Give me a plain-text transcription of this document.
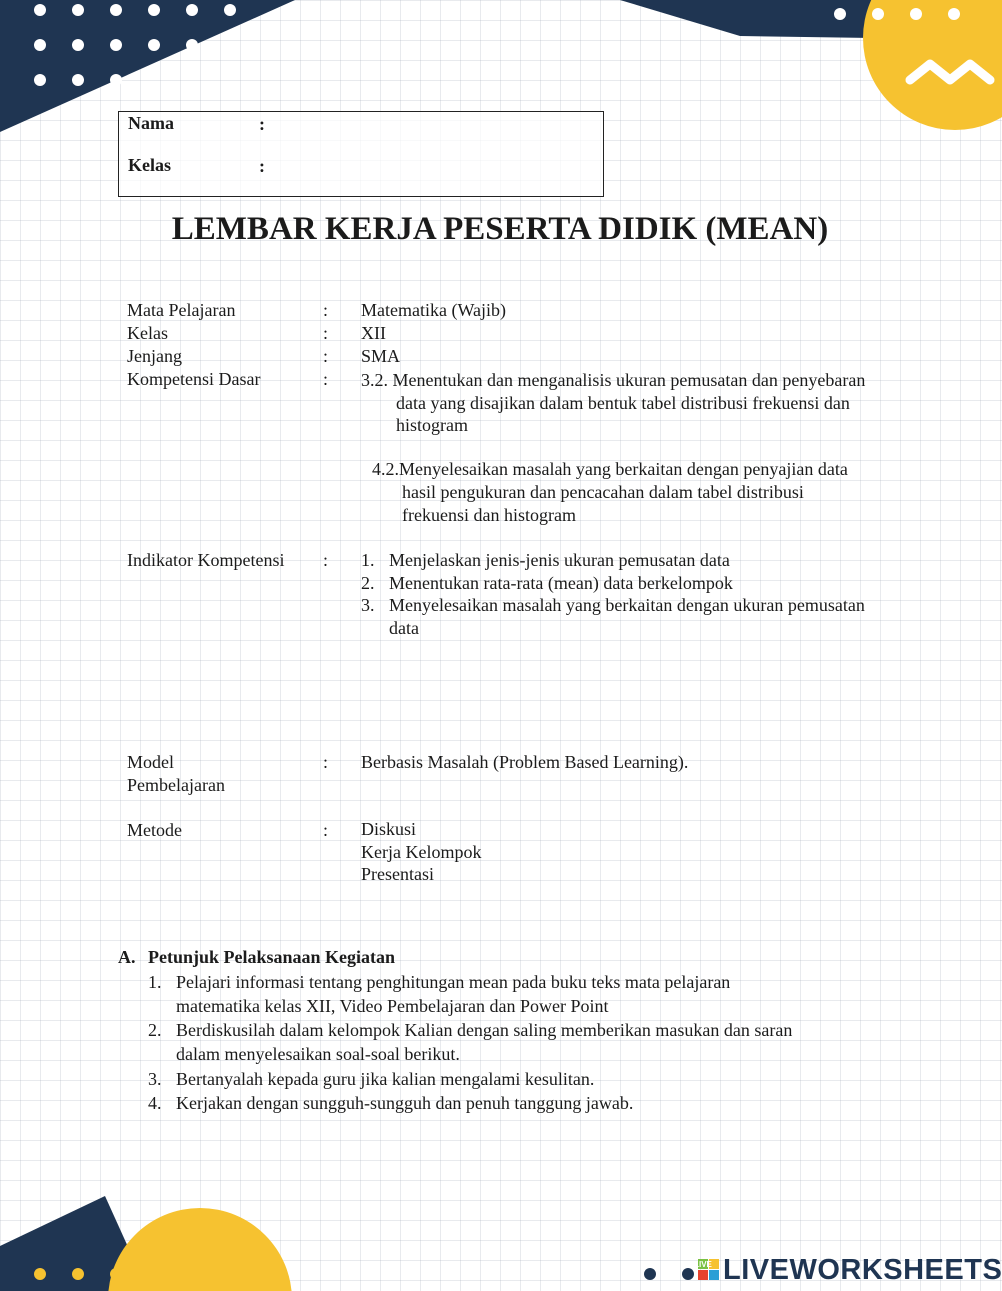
Nama	:
Kelas	:
LEMBAR KERJA PESERTA DIDIK (MEAN)
Mata Pelajaran	: Matematika (Wajib)
Kelas	: XII
Jenjang	: SMA
Kompetensi Dasar	: 3.2. Menentukan dan menganalisis ukuran pemusatan dan penyebaran
data yang disajikan dalam bentuk tabel distribusi frekuensi dan
histogram
4.2.Menyelesaikan masalah yang berkaitan dengan penyajian data
hasil pengukuran dan pencacahan dalam tabel distribusi
frekuensi dan histogram
Indikator Kompetensi : 1. Menjelaskan jenis-jenis ukuran pemusatan data
2. Menentukan rata-rata (mean) data berkelompok
3. Menyelesaikan masalah yang berkaitan dengan ukuran pemusatan
data
Model
Pembelajaran
: Berbasis Masalah (Problem Based Learning).
Metode	: Diskusi
Kerja Kelompok
Presentasi
A. Petunjuk Pelaksanaan Kegiatan
1. Pelajari informasi tentang penghitungan mean pada buku teks mata pelajaran
matematika kelas XII, Video Pembelajaran dan Power Point
2. Berdiskusilah dalam kelompok Kalian dengan saling memberikan masukan dan saran
dalam menyelesaikan soal-soal berikut.
3. Bertanyalah kepada guru jika kalian mengalami kesulitan.
4. Kerjakan dengan sungguh-sungguh dan penuh tanggung jawab.
LIVE LIVEWORKSHEETS
